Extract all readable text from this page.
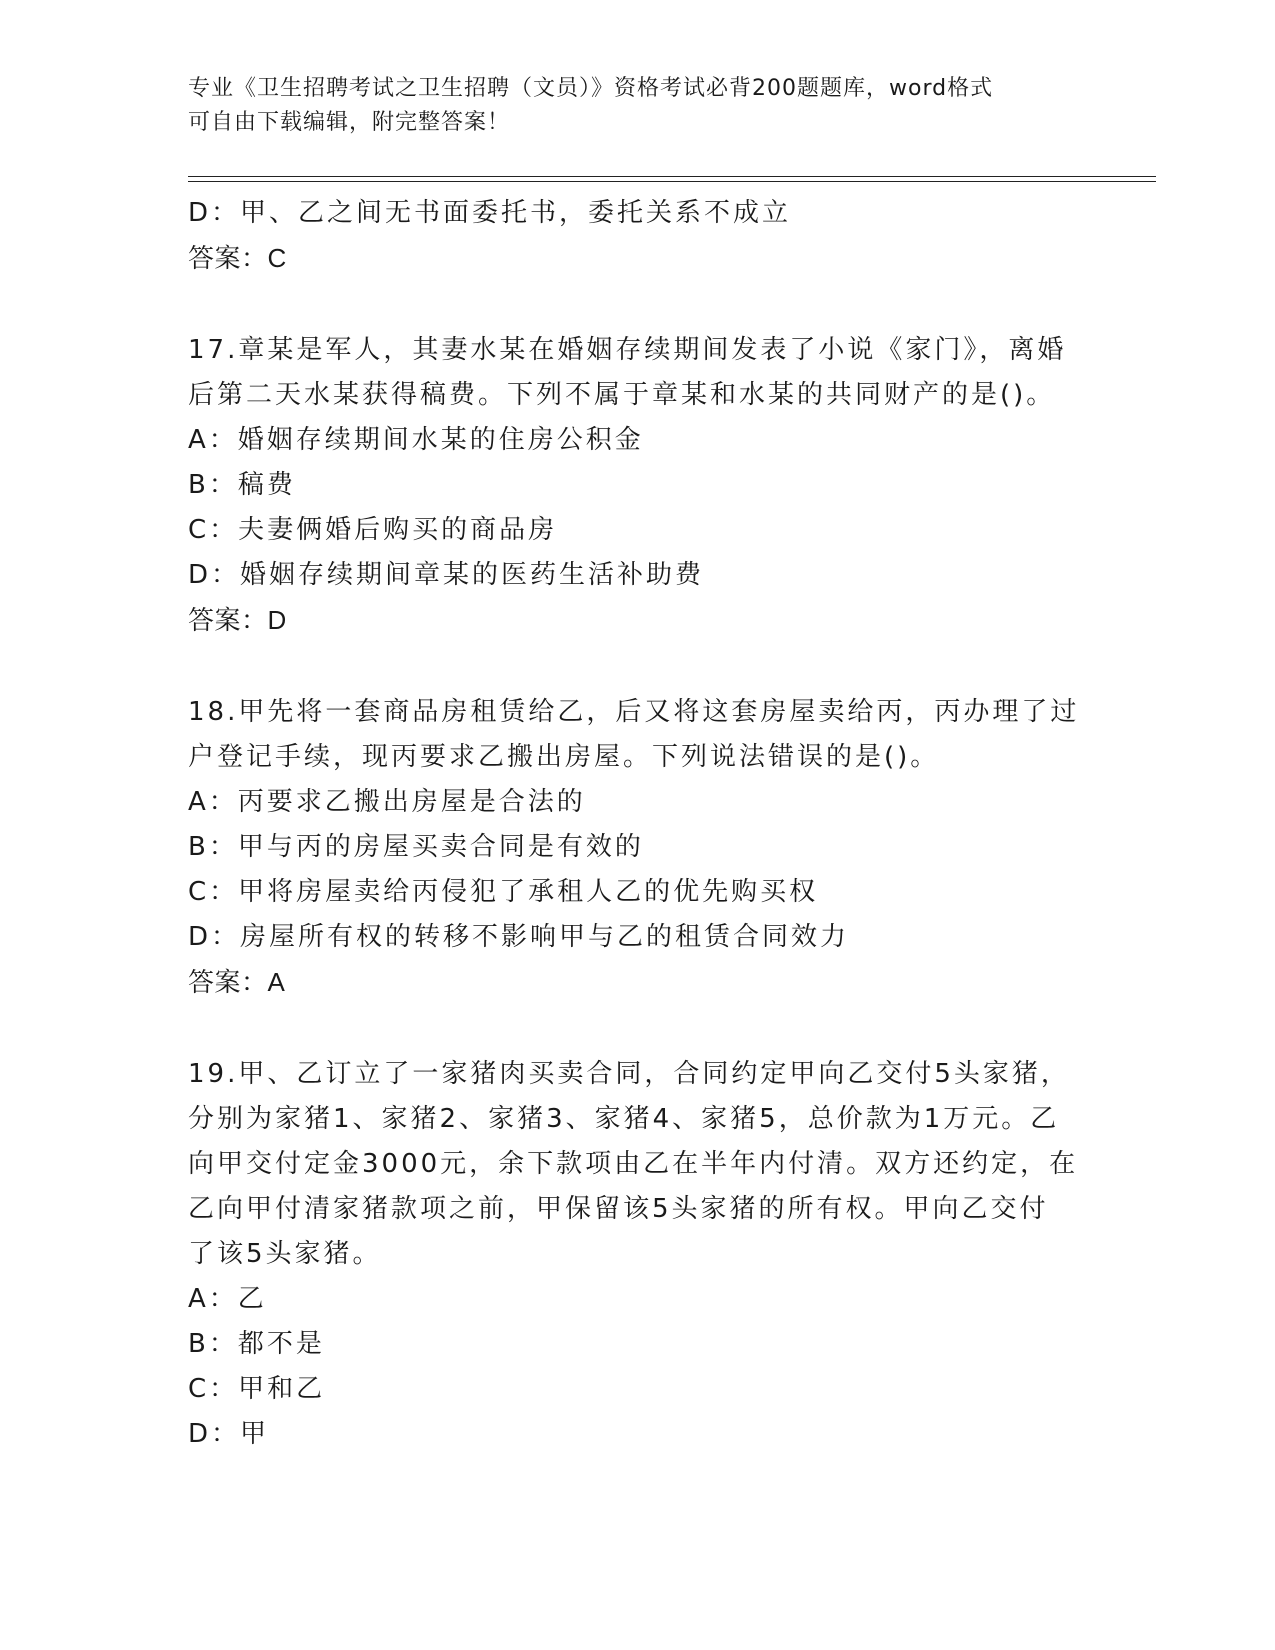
专业《卫生招聘考试之卫生招聘（文员）》资格考试必背200题题库，word格式
可自由下载编辑，附完整答案！
D：甲、乙之间无书面委托书，委托关系不成立
答案：C
17.章某是军人，其妻水某在婚姻存续期间发表了小说《家门》，离婚
后第二天水某获得稿费。下列不属于章某和水某的共同财产的是()。
A：婚姻存续期间水某的住房公积金
B：稿费
C：夫妻俩婚后购买的商品房
D：婚姻存续期间章某的医药生活补助费
答案：D
18.甲先将一套商品房租赁给乙，后又将这套房屋卖给丙，丙办理了过
户登记手续，现丙要求乙搬出房屋。下列说法错误的是()。
A：丙要求乙搬出房屋是合法的
B：甲与丙的房屋买卖合同是有效的
C：甲将房屋卖给丙侵犯了承租人乙的优先购买权
D：房屋所有权的转移不影响甲与乙的租赁合同效力
答案：A
19.甲、乙订立了一家猪肉买卖合同，合同约定甲向乙交付5头家猪，
分别为家猪1、家猪2、家猪3、家猪4、家猪5，总价款为1万元。乙
向甲交付定金3000元，余下款项由乙在半年内付清。双方还约定，在
乙向甲付清家猪款项之前，甲保留该5头家猪的所有权。甲向乙交付
了该5头家猪。
A：乙
B：都不是
C：甲和乙
D：甲
